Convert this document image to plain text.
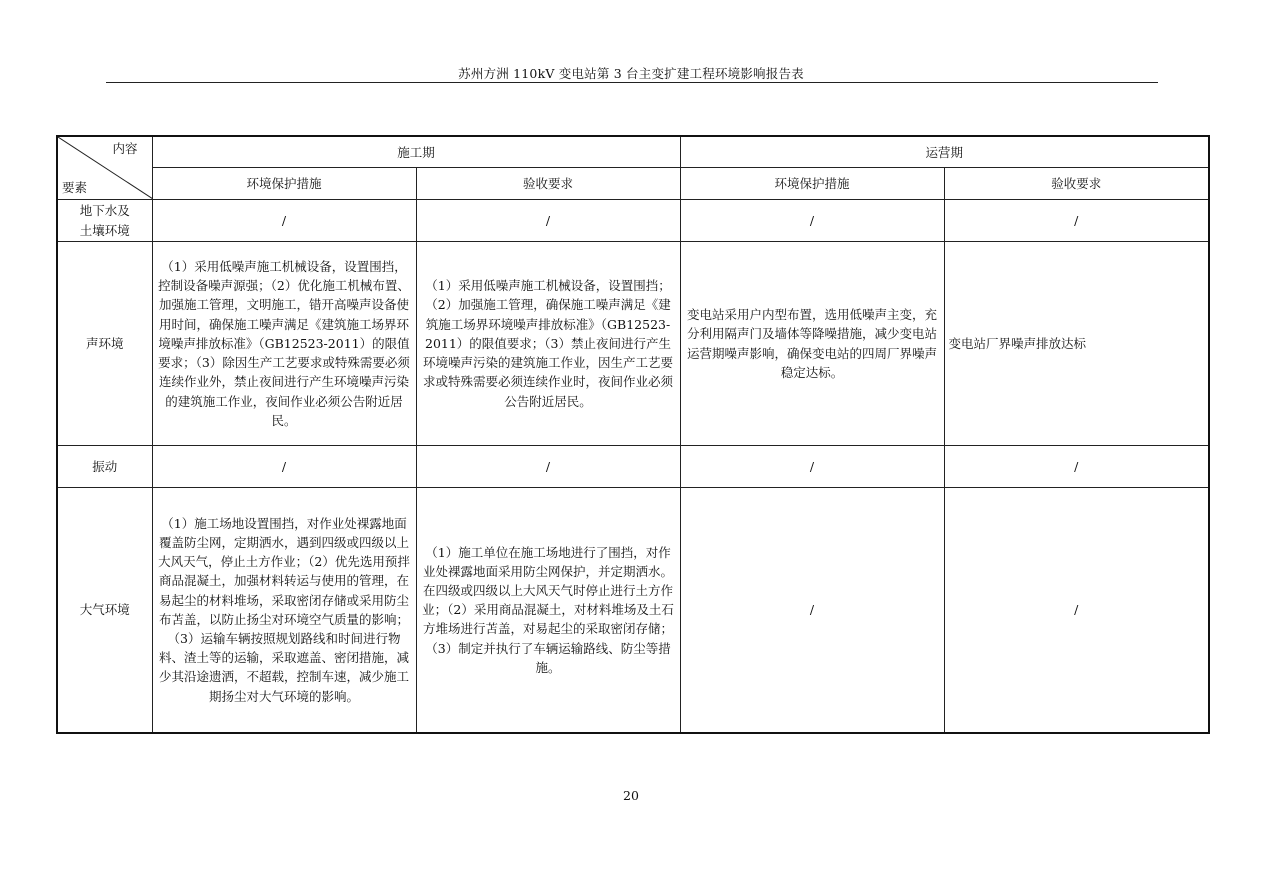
苏州方洲 110kV 变电站第 3 台主变扩建工程环境影响报告表
内容
要素	施工期		运营期	
	环境保护措施	验收要求	环境保护措施	验收要求
地下水及
土壤环境	/	/	/	/
声环境	（1）采用低噪声施工机械设备，设置围挡，控制设备噪声源强；（2）优化施工机械布置、加强施工管理，文明施工，错开高噪声设备使用时间，确保施工噪声满足《建筑施工场界环境噪声排放标准》（GB12523-2011）的限值要求；（3）除因生产工艺要求或特殊需要必须连续作业外，禁止夜间进行产生环境噪声污染的建筑施工作业，夜间作业必须公告附近居民。	（1）采用低噪声施工机械设备，设置围挡；（2）加强施工管理，确保施工噪声满足《建筑施工场界环境噪声排放标准》（GB12523-2011）的限值要求；（3）禁止夜间进行产生环境噪声污染的建筑施工作业，因生产工艺要求或特殊需要必须连续作业时，夜间作业必须公告附近居民。	变电站采用户内型布置，选用低噪声主变，充分利用隔声门及墙体等降噪措施，减少变电站运营期噪声影响，确保变电站的四周厂界噪声稳定达标。	变电站厂界噪声排放达标
振动	/	/	/	/
大气环境	（1）施工场地设置围挡，对作业处裸露地面覆盖防尘网，定期洒水，遇到四级或四级以上大风天气，停止土方作业；（2）优先选用预拌商品混凝土，加强材料转运与使用的管理，在易起尘的材料堆场，采取密闭存储或采用防尘布苫盖，以防止扬尘对环境空气质量的影响；（3）运输车辆按照规划路线和时间进行物料、渣土等的运输，采取遮盖、密闭措施，减少其沿途遗洒，不超载，控制车速，减少施工期扬尘对大气环境的影响。	（1）施工单位在施工场地进行了围挡，对作业处裸露地面采用防尘网保护，并定期洒水。在四级或四级以上大风天气时停止进行土方作业；（2）采用商品混凝土，对材料堆场及土石方堆场进行苫盖，对易起尘的采取密闭存储；（3）制定并执行了车辆运输路线、防尘等措施。	/	/
20
